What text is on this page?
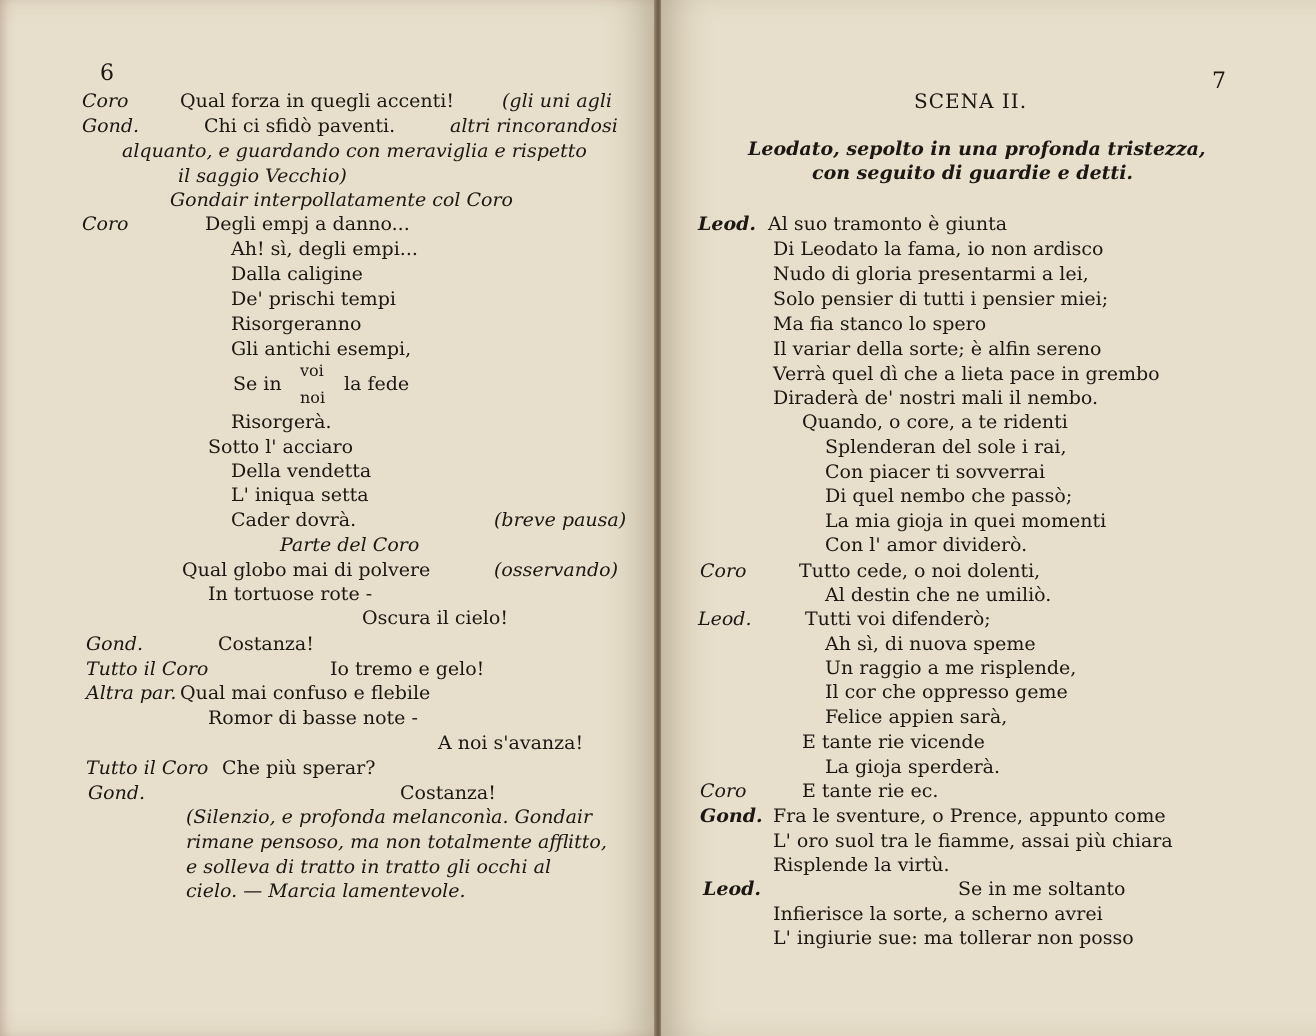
6
Coro	Qual forza in quegli accenti!	(gli uni agli
Gond.	Chi ci sfidò paventi.	altri rincorandosi
alquanto, e guardando con meraviglia e rispetto
il saggio Vecchio)
Gondair interpollatamente col Coro
Coro	Degli empj a danno...
Ah! sì, degli empi...
Dalla caligine
De' prischi tempi
Risorgeranno
Gli antichi esempi,
Se in
voi
noi
la fede
Risorgerà.
Sotto l' acciaro
Della vendetta
L' iniqua setta
Cader dovrà.	(breve pausa)
Parte del Coro
Qual globo mai di polvere	(osservando)
In tortuose rote -
Oscura il cielo!
Gond.	Costanza!
Tutto il Coro	Io tremo e gelo!
Altra par. Qual mai confuso e flebile
Romor di basse note -
A noi s'avanza!
Tutto il Coro Che più sperar?
Gond.	Costanza!
(Silenzio, e profonda melanconìa. Gondair
rimane pensoso, ma non totalmente afflitto,
e solleva di tratto in tratto gli occhi al
cielo. — Marcia lamentevole.
7
SCENA II.
Leodato, sepolto in una profonda tristezza,
con seguito di guardie e detti.
Leod. Al suo tramonto è giunta
Di Leodato la fama, io non ardisco
Nudo di gloria presentarmi a lei,
Solo pensier di tutti i pensier miei;
Ma fia stanco lo spero
Il variar della sorte; è alfin sereno
Verrà quel dì che a lieta pace in grembo
Diraderà de' nostri mali il nembo.
Quando, o core, a te ridenti
Splenderan del sole i rai,
Con piacer ti sovverrai
Di quel nembo che passò;
La mia gioja in quei momenti
Con l' amor dividerò.
Coro	Tutto cede, o noi dolenti,
Al destin che ne umiliò.
Leod.	Tutti voi difenderò;
Ah sì, di nuova speme
Un raggio a me risplende,
Il cor che oppresso geme
Felice appien sarà,
E tante rie vicende
La gioja sperderà.
Coro	E tante rie ec.
Gond. Fra le sventure, o Prence, appunto come
L' oro suol tra le fiamme, assai più chiara
Risplende la virtù.
Leod.	Se in me soltanto
Infierisce la sorte, a scherno avrei
L' ingiurie sue: ma tollerar non posso
